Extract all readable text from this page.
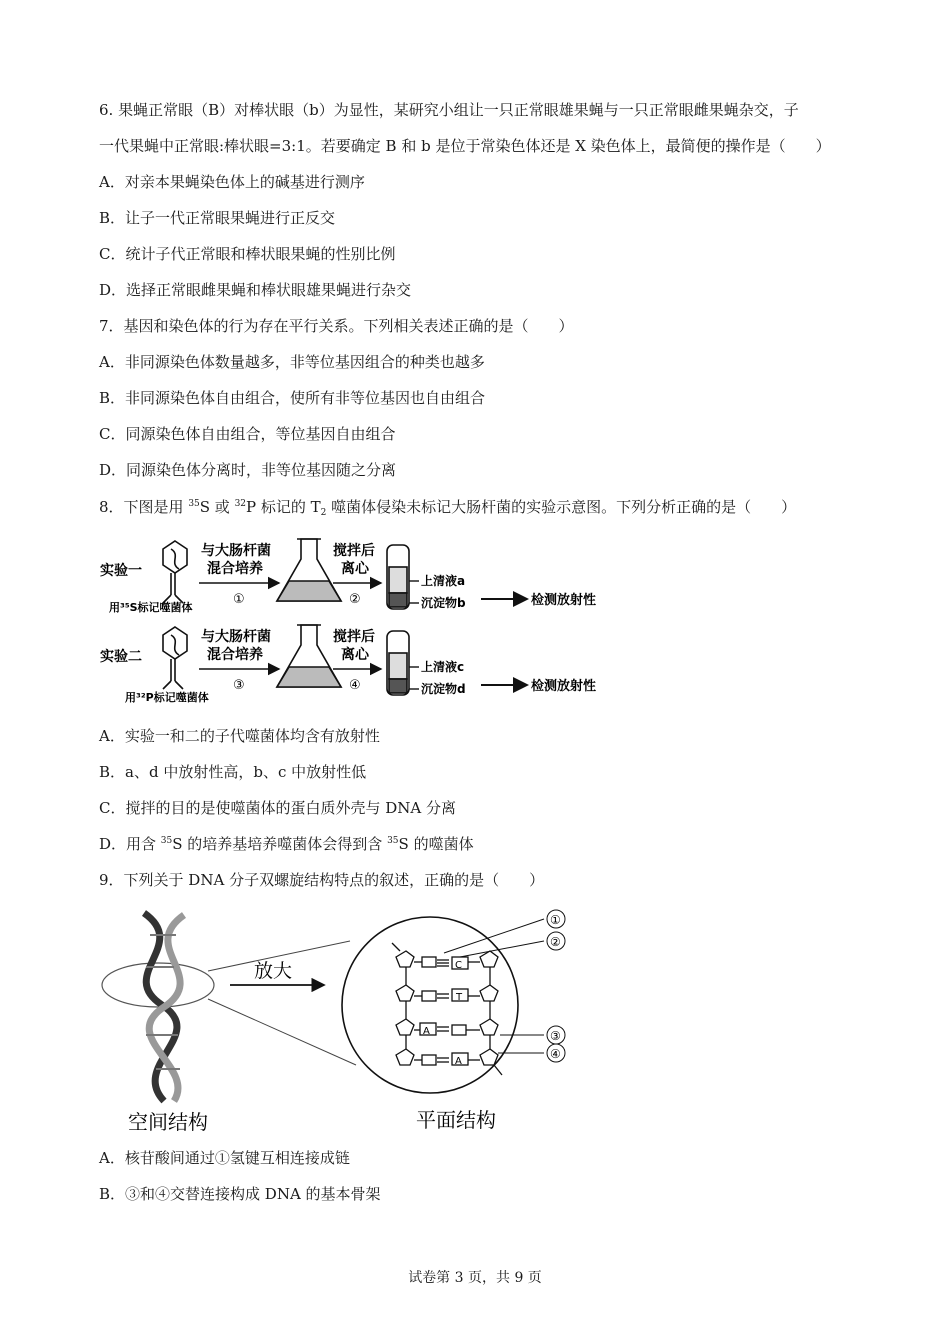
6. 果蝇正常眼（B）对棒状眼（b）为显性，某研究小组让一只正常眼雄果蝇与一只正常眼雌果蝇杂交，子
一代果蝇中正常眼:棒状眼=3:1。若要确定 B 和 b 是位于常染色体还是 X 染色体上，最简便的操作是（　　）
A．对亲本果蝇染色体上的碱基进行测序
B．让子一代正常眼果蝇进行正反交
C．统计子代正常眼和棒状眼果蝇的性别比例
D．选择正常眼雌果蝇和棒状眼雄果蝇进行杂交
7．基因和染色体的行为存在平行关系。下列相关表述正确的是（　　）
A．非同源染色体数量越多，非等位基因组合的种类也越多
B．非同源染色体自由组合，使所有非等位基因也自由组合
C．同源染色体自由组合，等位基因自由组合
D．同源染色体分离时，非等位基因随之分离
8．下图是用 $^{35}$S 或 $^{32}$P 标记的 $T_2$ 噬菌体侵染未标记大肠杆菌的实验示意图。下列分析正确的是（　　）
实验一
与大肠杆菌
混合培养
①
用³⁵S标记噬菌体
搅拌后
离心
②
上清液a
沉淀物b	检测放射性
实验二
与大肠杆菌
混合培养
③
用³²P标记噬菌体
搅拌后
离心
④
上清液c
沉淀物d	检测放射性
A．实验一和二的子代噬菌体均含有放射性
B．a、d 中放射性高，b、c 中放射性低
C．搅拌的目的是使噬菌体的蛋白质外壳与 DNA 分离
D．用含 $^{35}$S 的培养基培养噬菌体会得到含 $^{35}$S 的噬菌体
9．下列关于 DNA 分子双螺旋结构特点的叙述，正确的是（　　）
放大	C
T
A
A
①
②
③
④
空间结构	平面结构
A．核苷酸间通过①氢键互相连接成链
B．③和④交替连接构成 DNA 的基本骨架
试卷第 3 页，共 9 页
